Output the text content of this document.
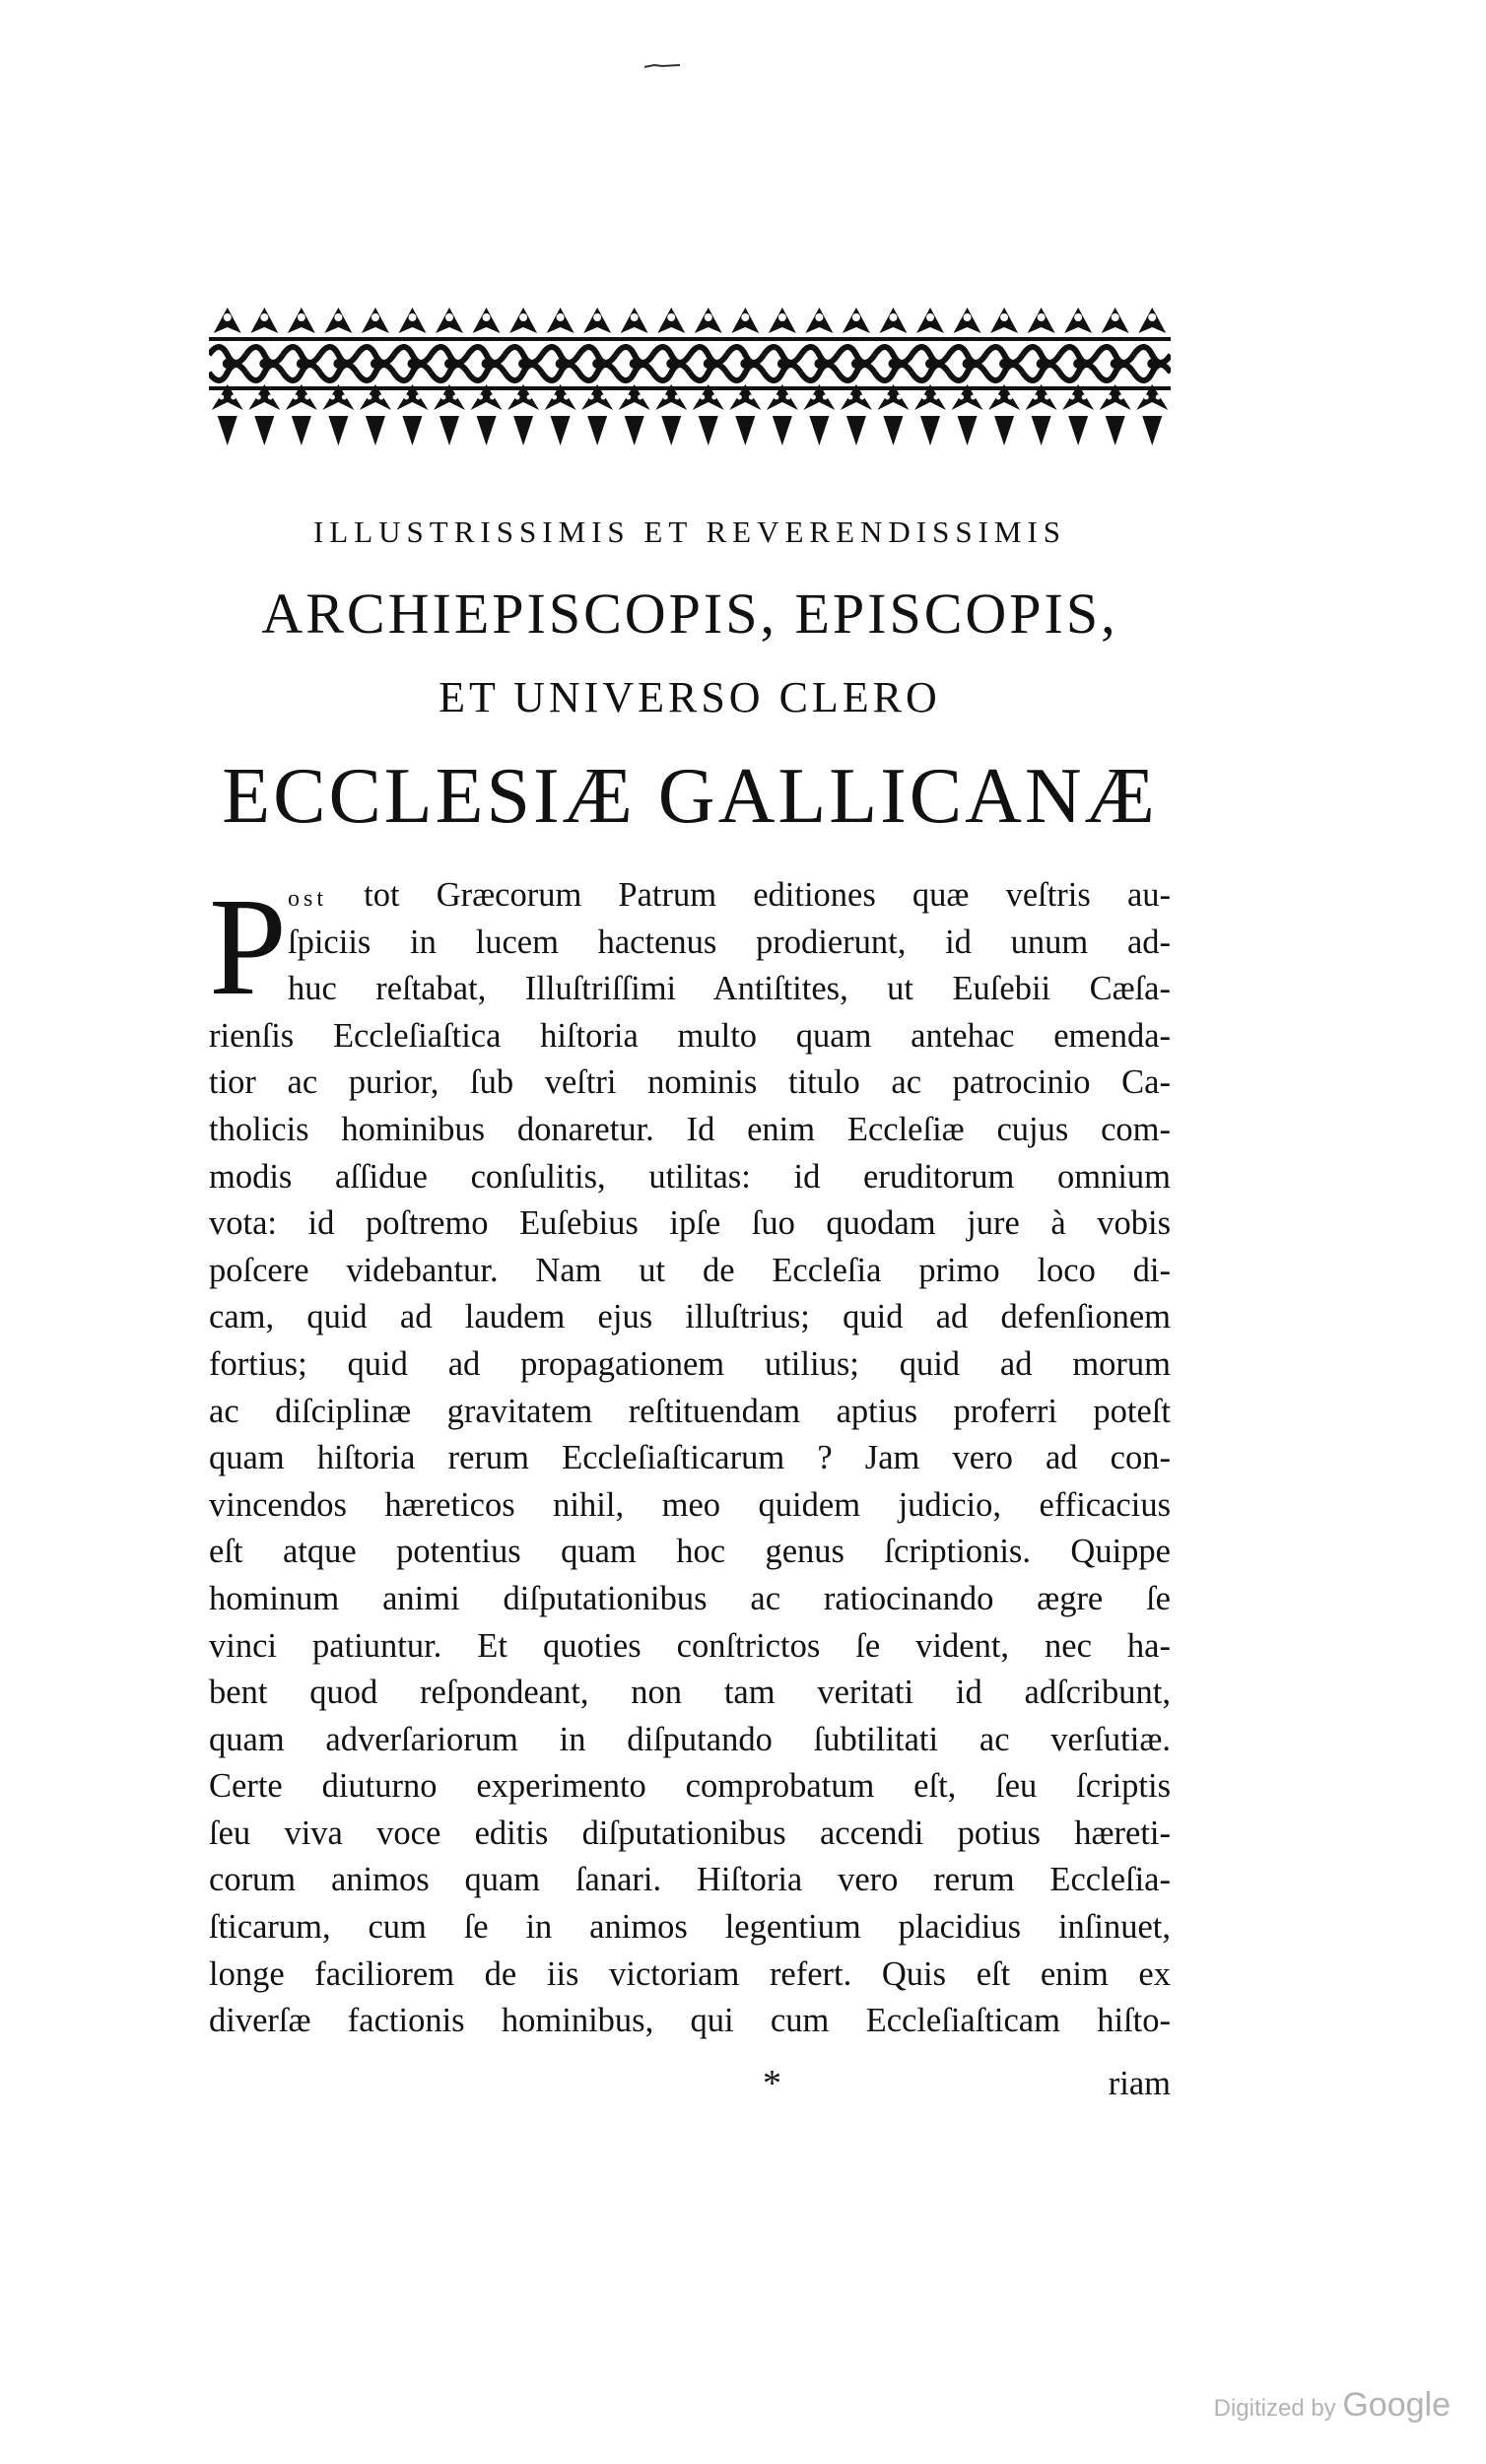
ILLUSTRISSIMIS ET REVERENDISSIMIS
ARCHIEPISCOPIS, EPISCOPIS,
ET UNIVERSO CLERO
ECCLESIÆ GALLICANÆ
P ost tot Græcorum Patrum editiones quæ veſtris au-
ſpiciis in lucem hactenus prodierunt, id unum ad-
huc reſtabat, Illuſtriſſimi Antiſtites, ut Euſebii Cæſa-
rienſis Eccleſiaſtica hiſtoria multo quam antehac emenda-
tior ac purior, ſub veſtri nominis titulo ac patrocinio Ca-
tholicis hominibus donaretur. Id enim Eccleſiæ cujus com-
modis aſſidue conſulitis, utilitas: id eruditorum omnium
vota: id poſtremo Euſebius ipſe ſuo quodam jure à vobis
poſcere videbantur. Nam ut de Eccleſia primo loco di-
cam, quid ad laudem ejus illuſtrius; quid ad defenſionem
fortius; quid ad propagationem utilius; quid ad morum
ac diſciplinæ gravitatem reſtituendam aptius proferri poteſt
quam hiſtoria rerum Eccleſiaſticarum ? Jam vero ad con-
vincendos hæreticos nihil, meo quidem judicio, efficacius
eſt atque potentius quam hoc genus ſcriptionis. Quippe
hominum animi diſputationibus ac ratiocinando ægre ſe
vinci patiuntur. Et quoties conſtrictos ſe vident, nec ha-
bent quod reſpondeant, non tam veritati id adſcribunt,
quam adverſariorum in diſputando ſubtilitati ac verſutiæ.
Certe diuturno experimento comprobatum eſt, ſeu ſcriptis
ſeu viva voce editis diſputationibus accendi potius hæreti-
corum animos quam ſanari. Hiſtoria vero rerum Eccleſia-
ſticarum, cum ſe in animos legentium placidius inſinuet,
longe faciliorem de iis victoriam refert. Quis eſt enim ex
diverſæ factionis hominibus, qui cum Eccleſiaſticam hiſto-
*	riam
Digitized by Google
